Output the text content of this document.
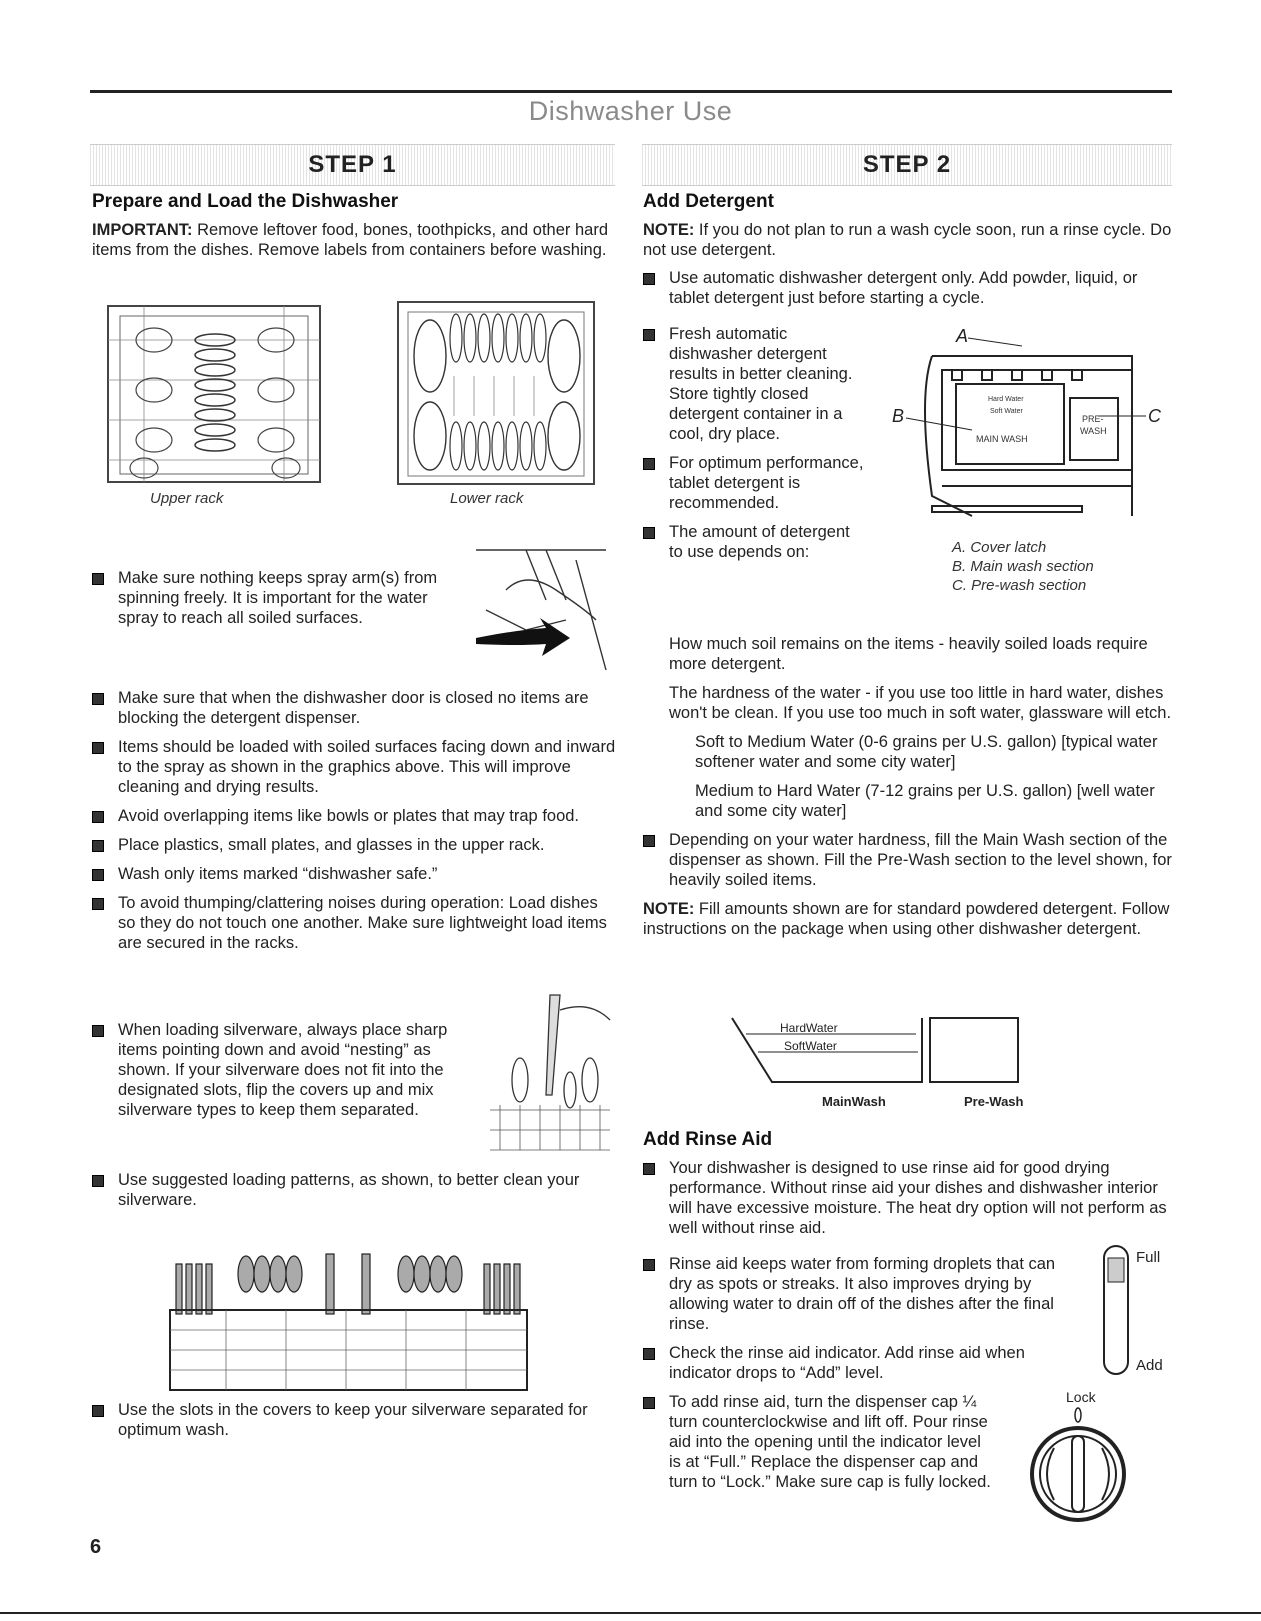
Dishwasher Use
STEP 1	STEP 2
Prepare and Load the Dishwasher

IMPORTANT: Remove leftover food, bones, toothpicks, and other hard items from the dishes. Remove labels from containers before washing.

Upper rack	Lower rack
Make sure nothing keeps spray arm(s) from spinning freely. It is important for the water spray to reach all soiled surfaces.
Make sure that when the dishwasher door is closed no items are blocking the detergent dispenser.
Items should be loaded with soiled surfaces facing down and inward to the spray as shown in the graphics above. This will improve cleaning and drying results.
Avoid overlapping items like bowls or plates that may trap food.
Place plastics, small plates, and glasses in the upper rack.
Wash only items marked “dishwasher safe.”
To avoid thumping/clattering noises during operation: Load dishes so they do not touch one another. Make sure lightweight load items are secured in the racks.
When loading silverware, always place sharp items pointing down and avoid “nesting” as shown. If your silverware does not fit into the designated slots, flip the covers up and mix silverware types to keep them separated.
Use suggested loading patterns, as shown, to better clean your silverware.
Use the slots in the covers to keep your silverware separated for optimum wash.
Add Detergent

NOTE: If you do not plan to run a wash cycle soon, run a rinse cycle. Do not use detergent.

Use automatic dishwasher detergent only. Add powder, liquid, or tablet detergent just before starting a cycle.
Fresh automatic dishwasher detergent results in better cleaning. Store tightly closed detergent container in a cool, dry place.
For optimum performance, tablet detergent is recommended.
The amount of detergent to use depends on:
A
B	C
Hard Water
Soft Water
MAIN WASH
PRE-
WASH
A. Cover latch
B. Main wash section
C. Pre-wash section
How much soil remains on the items - heavily soiled loads require more detergent.
The hardness of the water - if you use too little in hard water, dishes won't be clean. If you use too much in soft water, glassware will etch.
Soft to Medium Water (0-6 grains per U.S. gallon) [typical water softener water and some city water]
Medium to Hard Water (7-12 grains per U.S. gallon) [well water and some city water]
Depending on your water hardness, fill the Main Wash section of the dispenser as shown. Fill the Pre-Wash section to the level shown, for heavily soiled items.

NOTE: Fill amounts shown are for standard powdered detergent. Follow instructions on the package when using other dishwasher detergent.

HardWater
SoftWater
MainWash	Pre-Wash
Add Rinse Aid
Your dishwasher is designed to use rinse aid for good drying performance. Without rinse aid your dishes and dishwasher interior will have excessive moisture. The heat dry option will not perform as well without rinse aid.
Rinse aid keeps water from forming droplets that can dry as spots or streaks. It also improves drying by allowing water to drain off of the dishes after the final rinse.
Check the rinse aid indicator. Add rinse aid when indicator drops to “Add” level.
Full
Add
To add rinse aid, turn the dispenser cap ¼ turn counterclockwise and lift off. Pour rinse aid into the opening until the indicator level is at “Full.” Replace the dispenser cap and turn to “Lock.” Make sure cap is fully locked.
Lock
6
